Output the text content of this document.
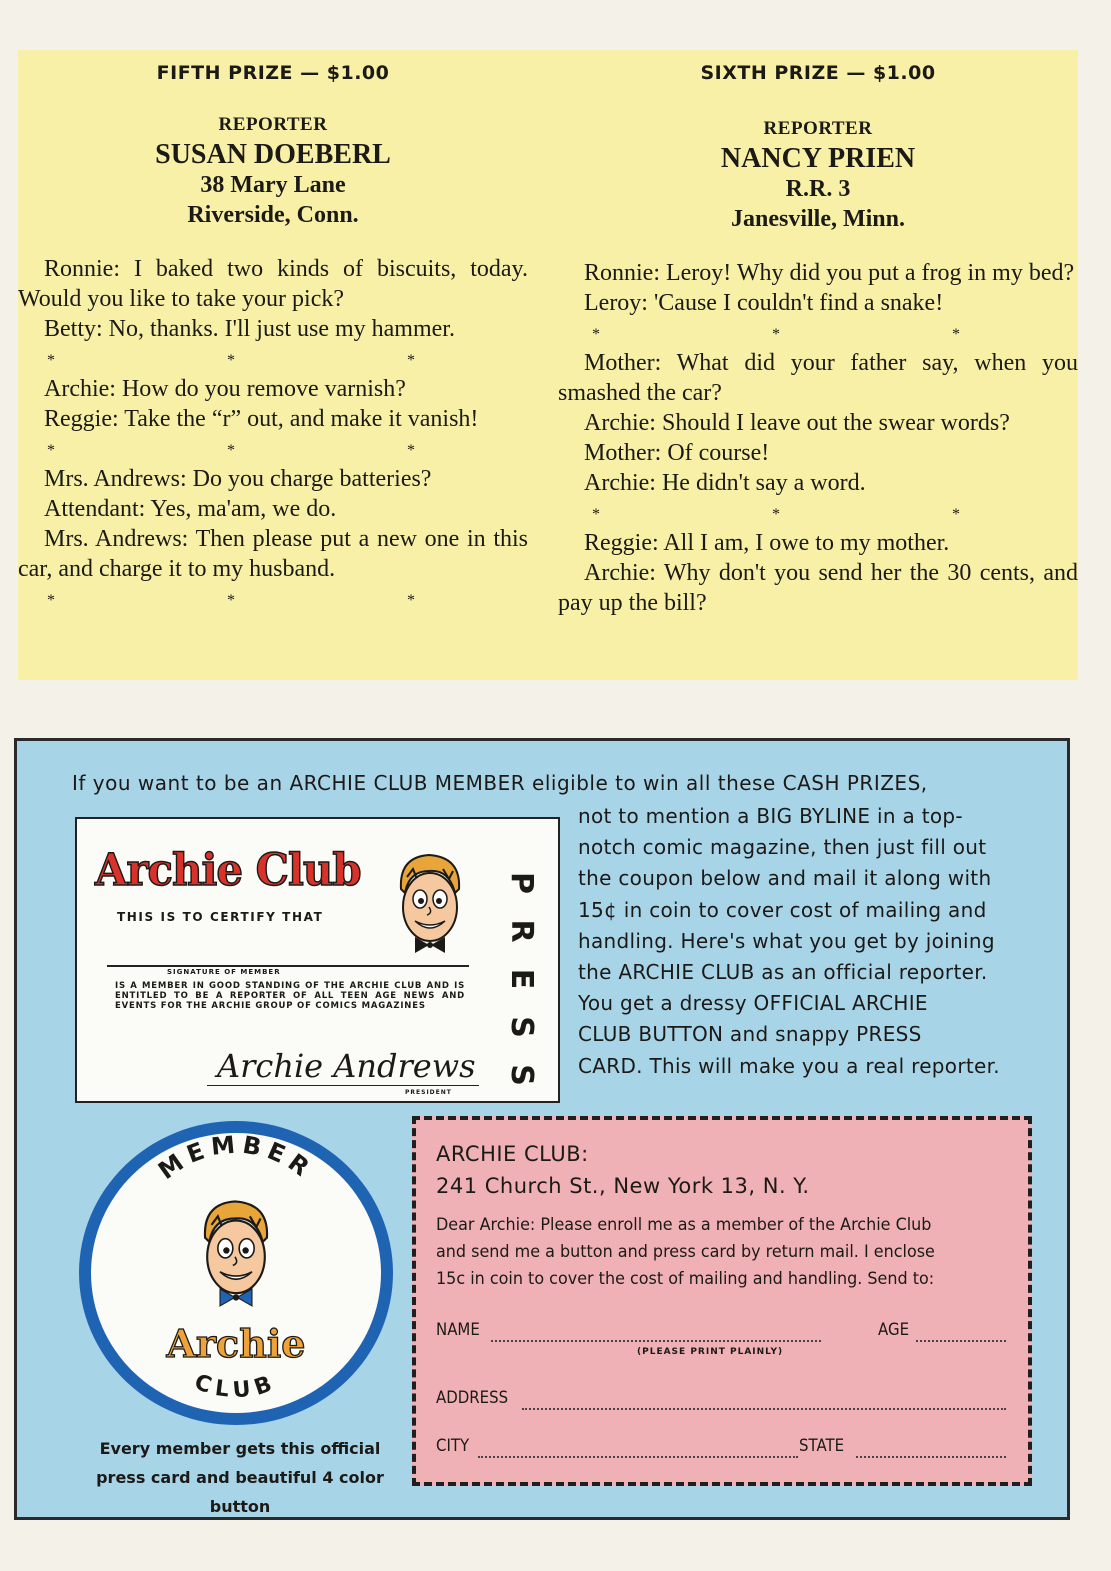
FIFTH PRIZE — $1.00
REPORTER
SUSAN DOEBERL
38 Mary Lane
Riverside, Conn.

Ronnie: I baked two kinds of biscuits, today. Would you like to take your pick?

Betty: No, thanks. I'll just use my hammer.

* * *

Archie: How do you remove varnish?

Reggie: Take the “r” out, and make it vanish!

* * *

Mrs. Andrews: Do you charge batteries?

Attendant: Yes, ma'am, we do.

Mrs. Andrews: Then please put a new one in this car, and charge it to my husband.

* * *
SIXTH PRIZE — $1.00
REPORTER
NANCY PRIEN
R.R. 3
Janesville, Minn.

Ronnie: Leroy! Why did you put a frog in my bed?

Leroy: 'Cause I couldn't find a snake!

* * *

Mother: What did your father say, when you smashed the car?

Archie: Should I leave out the swear words?

Mother: Of course!

Archie: He didn't say a word.

* * *

Reggie: All I am, I owe to my mother.

Archie: Why don't you send her the 30 cents, and pay up the bill?

If you want to be an ARCHIE CLUB MEMBER eligible to win all these CASH PRIZES,
not to mention a BIG BYLINE in a top-
notch comic magazine, then just fill out
the coupon below and mail it along with
15¢ in coin to cover cost of mailing and
handling. Here's what you get by joining
the ARCHIE CLUB as an official reporter.
You get a dressy OFFICIAL ARCHIE
CLUB BUTTON and snappy PRESS
CARD. This will make you a real reporter.
Archie Club
THIS IS TO CERTIFY THAT
SIGNATURE OF MEMBER
IS A MEMBER IN GOOD STANDING OF THE ARCHIE CLUB AND IS ENTITLED TO BE A REPORTER OF ALL TEEN AGE NEWS AND EVENTS FOR THE ARCHIE GROUP OF COMICS MAGAZINES
P
R
E
S
S
Archie Andrews
PRESIDENT
MEMBER
CLUB
Archie
Every member gets this official press card and beautiful 4 color button
ARCHIE CLUB:
241 Church St., New York 13, N. Y.
Dear Archie: Please enroll me as a member of the Archie Club
and send me a button and press card by return mail. I enclose
15c in coin to cover the cost of mailing and handling. Send to:
NAME	AGE
(PLEASE PRINT PLAINLY)
ADDRESS
CITY	STATE
